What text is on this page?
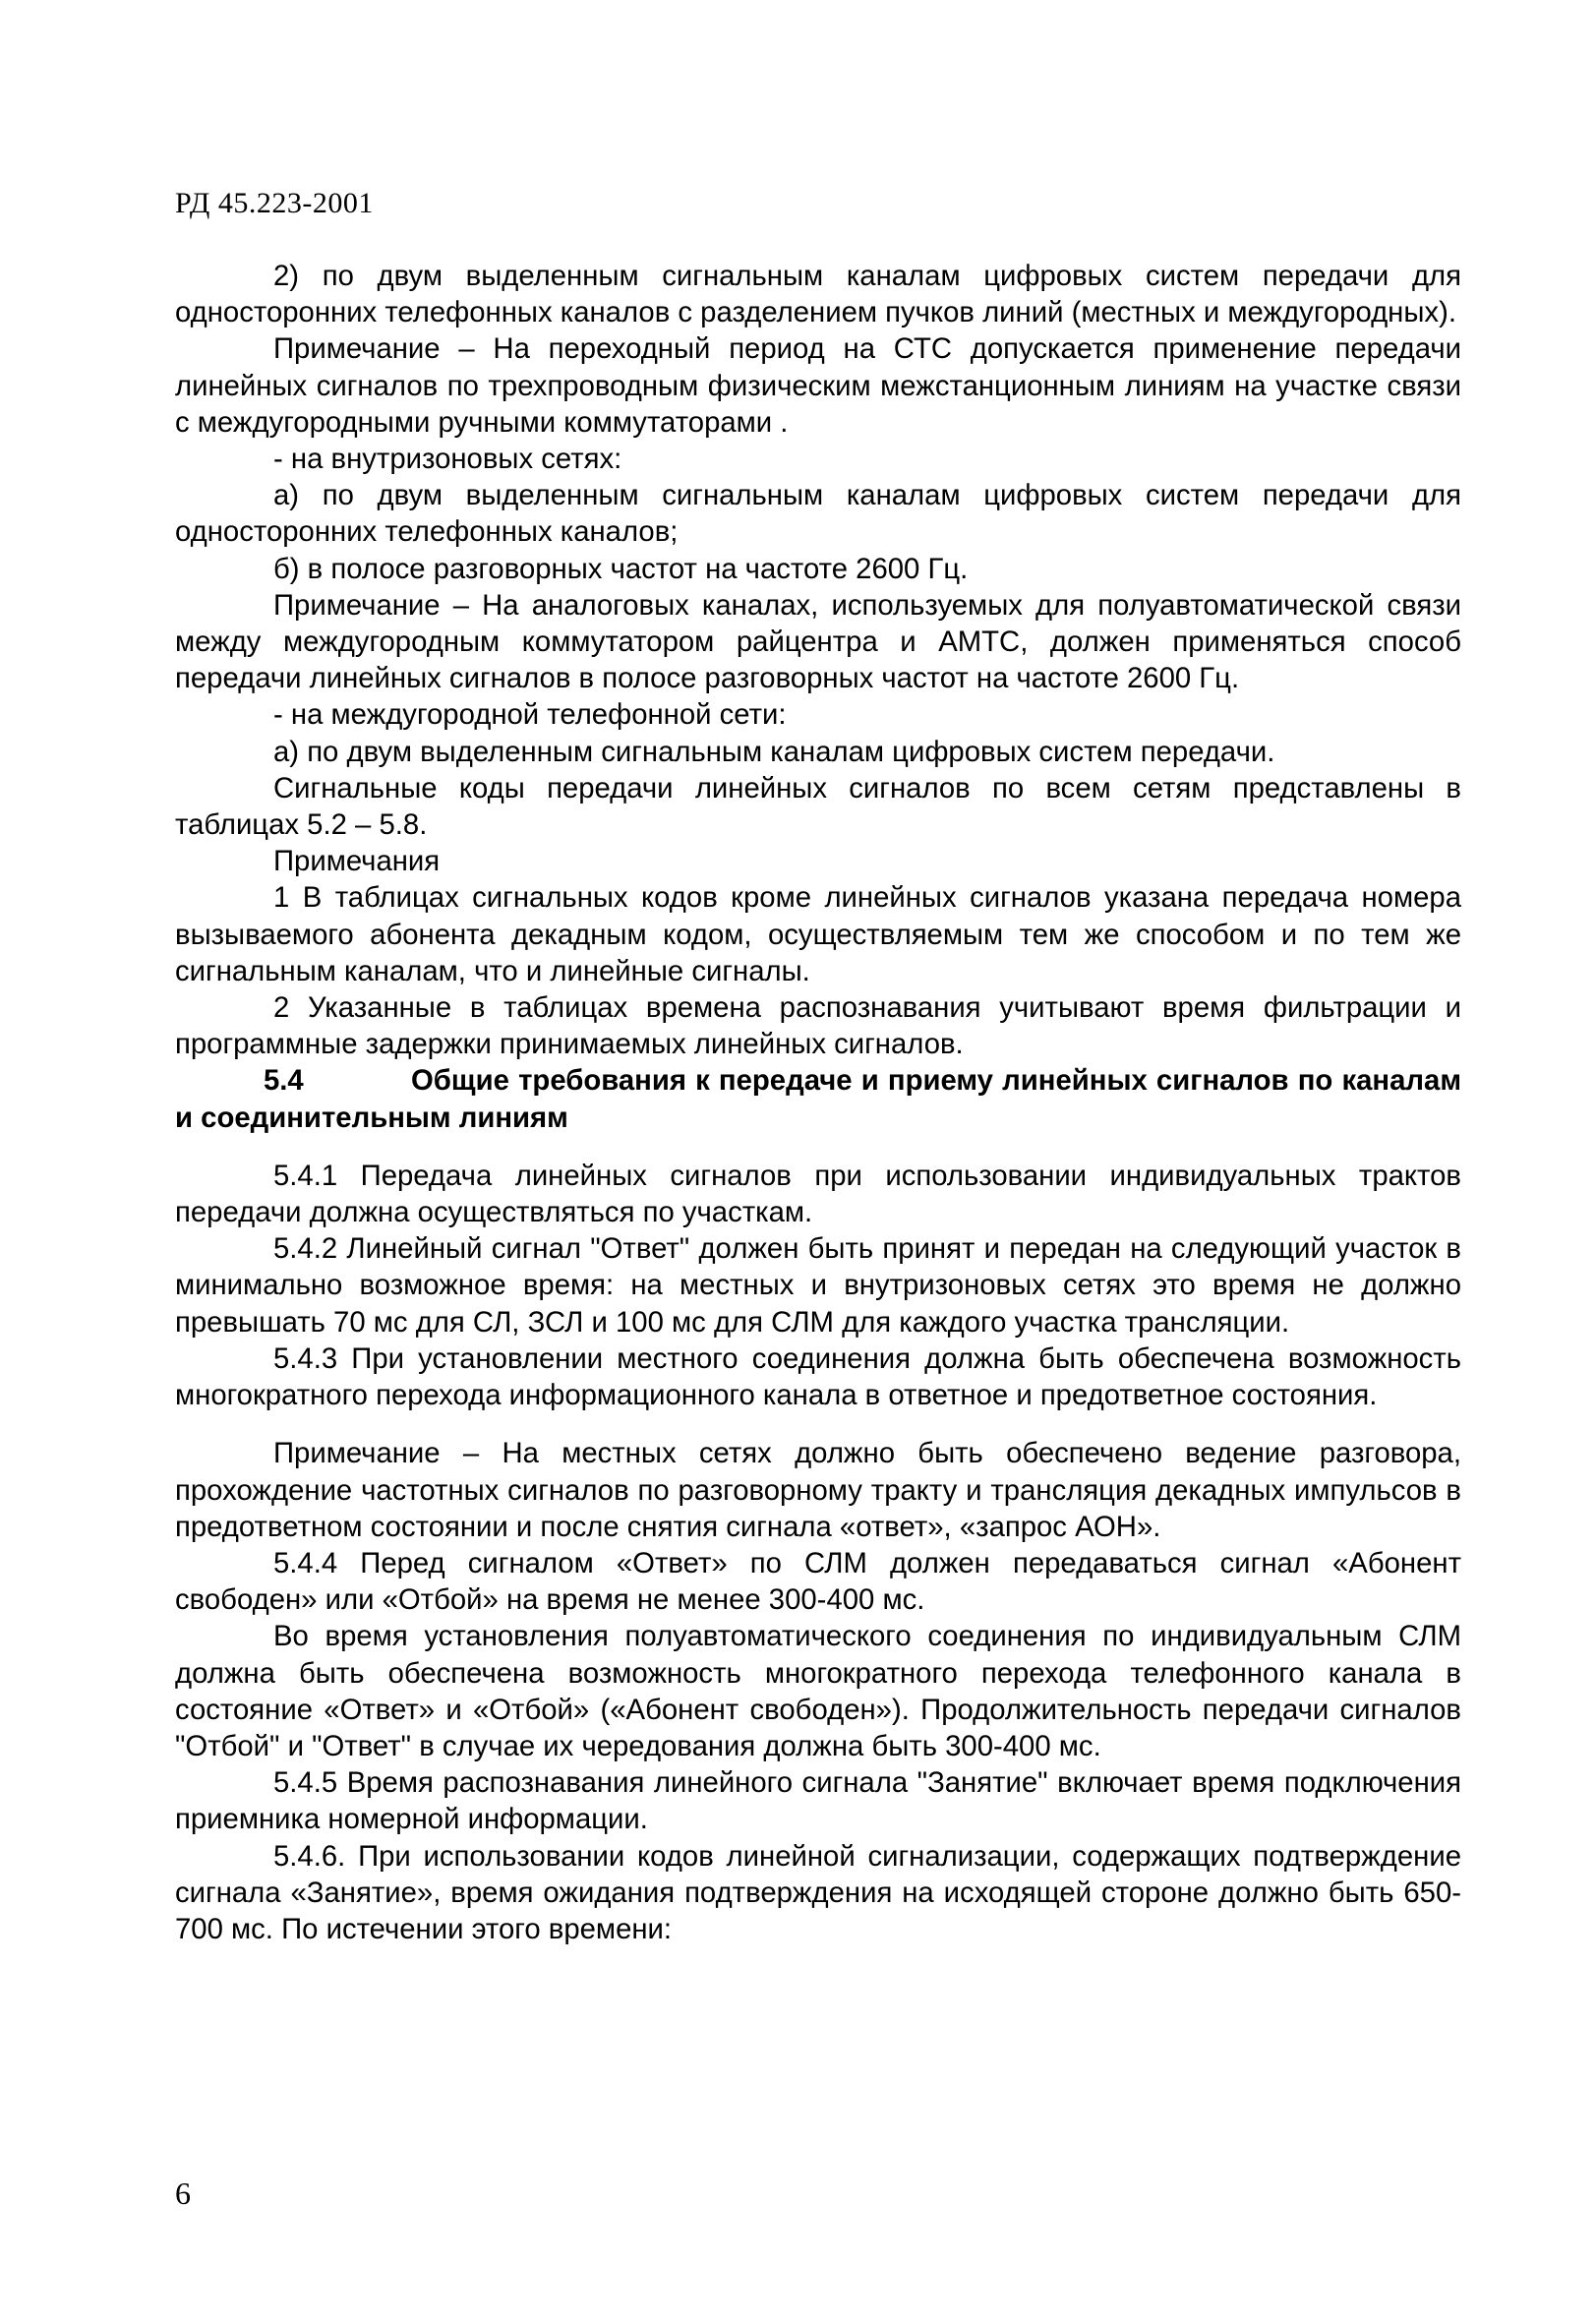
РД 45.223-2001

2) по двум выделенным сигнальным каналам цифровых систем передачи для односторонних телефонных каналов с разделением пучков линий (местных и междугородных).

Примечание – На переходный период на СТС допускается применение передачи линейных сигналов по трехпроводным физическим межстанционным линиям на участке связи с междугородными ручными коммутаторами .

- на внутризоновых сетях:

а) по двум выделенным сигнальным каналам цифровых систем передачи для односторонних телефонных каналов;

б) в полосе разговорных частот на частоте 2600 Гц.

Примечание – На аналоговых каналах, используемых для полуавтоматической связи между междугородным коммутатором райцентра и АМТС, должен применяться способ передачи линейных сигналов в полосе разговорных частот на частоте 2600 Гц.

- на междугородной телефонной сети:

а) по двум выделенным сигнальным каналам цифровых систем передачи.

Сигнальные коды передачи линейных сигналов по всем сетям представлены в таблицах 5.2 – 5.8.

Примечания

1 В таблицах сигнальных кодов кроме линейных сигналов указана передача номера вызываемого абонента декадным кодом, осуществляемым тем же способом и по тем же сигнальным каналам, что и линейные сигналы.

2 Указанные в таблицах времена распознавания учитывают время фильтрации и программные задержки принимаемых линейных сигналов.

5.4	Общие требования к передаче и приему линейных сигналов по каналам и соединительным линиям

5.4.1 Передача линейных сигналов при использовании индивидуальных трактов передачи должна осуществляться по участкам.

5.4.2 Линейный сигнал "Ответ" должен быть принят и передан на следующий участок в минимально возможное время: на местных и внутризоновых сетях это время не должно превышать 70 мс для СЛ, ЗСЛ и 100 мс для СЛМ для каждого участка трансляции.

5.4.3 При установлении местного соединения должна быть обеспечена возможность многократного перехода информационного канала в ответное и предответное состояния.

Примечание – На местных сетях должно быть обеспечено ведение разговора, прохождение частотных сигналов по разговорному тракту и трансляция декадных импульсов в предответном состоянии и после снятия сигнала «ответ», «запрос АОН».

5.4.4 Перед сигналом «Ответ» по СЛМ должен передаваться сигнал «Абонент свободен» или «Отбой» на время не менее 300-400 мс.

Во время установления полуавтоматического соединения по индивидуальным СЛМ должна быть обеспечена возможность многократного перехода телефонного канала в состояние «Ответ» и «Отбой» («Абонент свободен»). Продолжительность передачи сигналов "Отбой" и "Ответ" в случае их чередования должна быть 300-400 мс.

5.4.5 Время распознавания линейного сигнала "Занятие" включает время подключения приемника номерной информации.

5.4.6. При использовании кодов линейной сигнализации, содержащих подтверждение сигнала «Занятие», время ожидания подтверждения на исходящей стороне должно быть 650-700 мс. По истечении этого времени:

6
